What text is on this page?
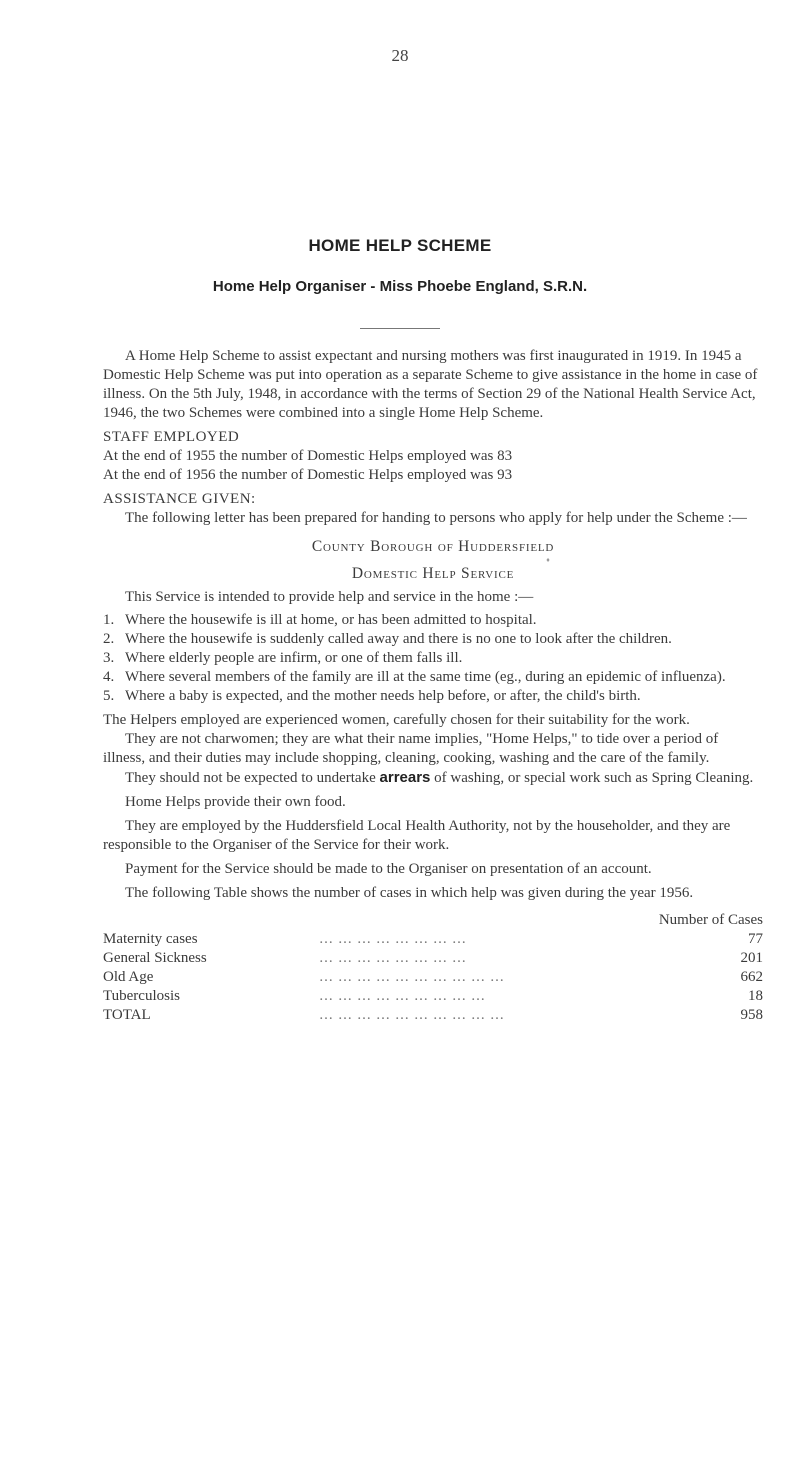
28
HOME HELP SCHEME
Home Help Organiser - Miss Phoebe England, S.R.N.

A Home Help Scheme to assist expectant and nursing mothers was first inaugurated in 1919. In 1945 a Domestic Help Scheme was put into operation as a separate Scheme to give assistance in the home in case of illness. On the 5th July, 1948, in accordance with the terms of Section 29 of the National Health Service Act, 1946, the two Schemes were combined into a single Home Help Scheme.

STAFF EMPLOYED

At the end of 1955 the number of Domestic Helps employed was 83

At the end of 1956 the number of Domestic Helps employed was 93

ASSISTANCE GIVEN:

The following letter has been prepared for handing to persons who apply for help under the Scheme :—

County Borough of Huddersfield

♦

Domestic Help Service

This Service is intended to provide help and service in the home :—

1. Where the housewife is ill at home, or has been admitted to hospital.
2. Where the housewife is suddenly called away and there is no one to look after the children.
3. Where elderly people are infirm, or one of them falls ill.
4. Where several members of the family are ill at the same time (eg., during an epidemic of influenza).
5. Where a baby is expected, and the mother needs help before, or after, the child's birth.

The Helpers employed are experienced women, carefully chosen for their suitability for the work.

They are not charwomen; they are what their name implies, "Home Helps," to tide over a period of illness, and their duties may include shopping, cleaning, cooking, washing and the care of the family.

They should not be expected to undertake arrears of washing, or special work such as Spring Cleaning.

Home Helps provide their own food.

They are employed by the Huddersfield Local Health Authority, not by the householder, and they are responsible to the Organiser of the Service for their work.

Payment for the Service should be made to the Organiser on presentation of an account.

The following Table shows the number of cases in which help was given during the year 1956.

	Number of Cases	
Maternity cases	... ... ... ... ... ... ... ...	77
General Sickness	... ... ... ... ... ... ... ...	201
Old Age	... ... ... ... ... ... ... ... ... ...	662
Tuberculosis	... ... ... ... ... ... ... ... ...	18
TOTAL	... ... ... ... ... ... ... ... ... ...	958
